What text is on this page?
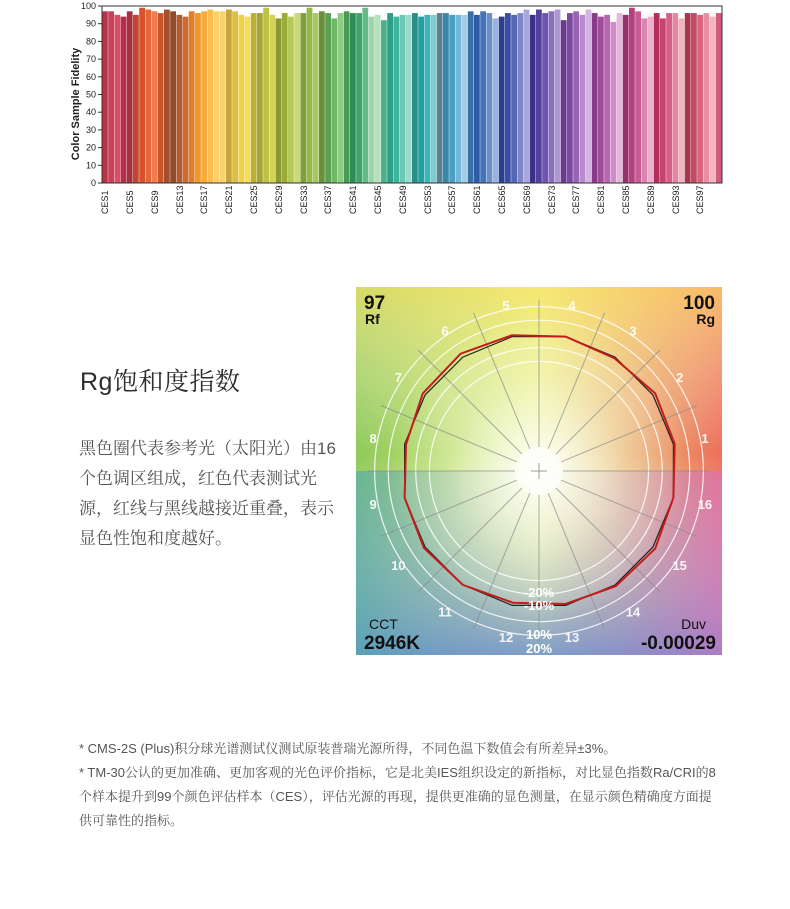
0
10
20
30
40
50
60
70
80
90
100
Color Sample Fidelity
CES1 CES5 CES9 CES13 CES17 CES21 CES25 CES29 CES33 CES37 CES41 CES45 CES49 CES53 CES57 CES61 CES65 CES69 CES73 CES77 CES81 CES85 CES89 CES93 CES97
Rg饱和度指数

黑色圈代表参考光（太阳光）由16个色调区组成，红色代表测试光源，红线与黑线越接近重叠，表示显色性饱和度越好。

1
2
3
4
5
6
7
8
9
10
11
12	13
14
15
16
-20%
-10%
10%
20%
97
Rf
100
Rg
CCT
2946K
Duv
-0.00029

* CMS-2S (Plus)积分球光谱测试仪测试原装普瑞光源所得，不同色温下数值会有所差异±3%。

* TM-30公认的更加准确、更加客观的光色评价指标，它是北美IES组织设定的新指标，对比显色指数Ra/CRI的8个样本提升到99个颜色评估样本（CES），评估光源的再现，提供更准确的显色测量，在显示颜色精确度方面提供可靠性的指标。
